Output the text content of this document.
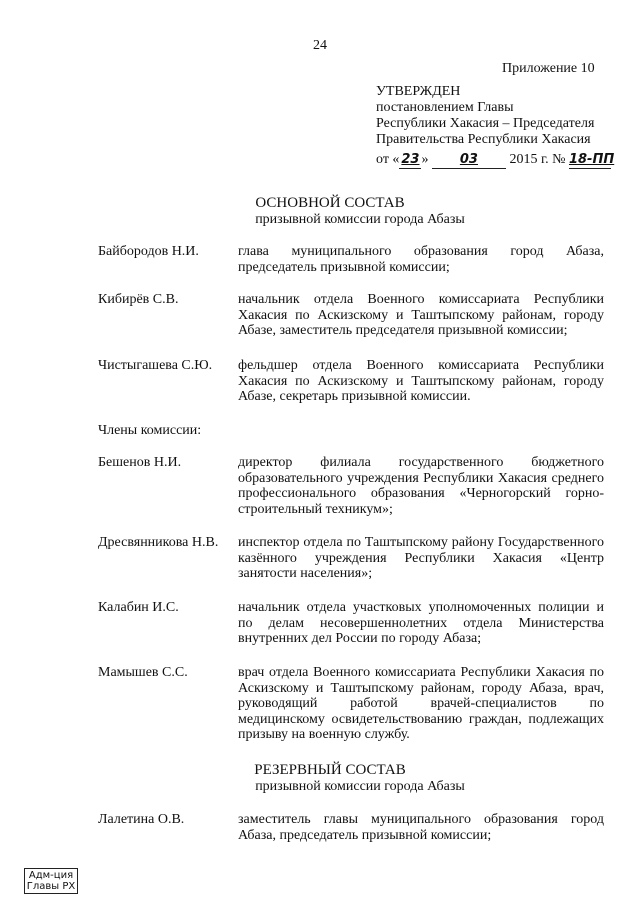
24
Приложение 10
УТВЕРЖДЕН
постановлением Главы
Республики Хакасия – Председателя
Правительства Республики Хакасия
от « 23 » 03 2015 г. № 18-ПП
ОСНОВНОЙ СОСТАВ
призывной комиссии города Абазы
Байбородов Н.И.	глава муниципального образования город Абаза, председатель призывной комиссии;
Кибирёв С.В.	начальник отдела Военного комиссариата Республики Хакасия по Аскизскому и Таштыпскому районам, городу Абазе, заместитель председателя призывной комиссии;
Чистыгашева С.Ю. фельдшер отдела Военного комиссариата Республики Хакасия по Аскизскому и Таштыпскому районам, городу Абазе, секретарь призывной комиссии.
Члены комиссии:
Бешенов Н.И.	директор филиала государственного бюджетного образовательного учреждения Республики Хакасия среднего профессионального образования «Черногорский горно-строительный техникум»;
Дресвянникова Н.В. инспектор отдела по Таштыпскому району Государственного казённого учреждения Республики Хакасия «Центр занятости населения»;
Калабин И.С.	начальник отдела участковых уполномоченных полиции и по делам несовершеннолетних отдела Министерства внутренних дел России по городу Абаза;
Мамышев С.С.	врач отдела Военного комиссариата Республики Хакасия по Аскизскому и Таштыпскому районам, городу Абаза, врач, руководящий работой врачей-специалистов по медицинскому освидетельствованию граждан, подлежащих призыву на военную службу.
РЕЗЕРВНЫЙ СОСТАВ
призывной комиссии города Абазы
Лалетина О.В.	заместитель главы муниципального образования город Абаза, председатель призывной комиссии;
Адм-ция
Главы РХ
